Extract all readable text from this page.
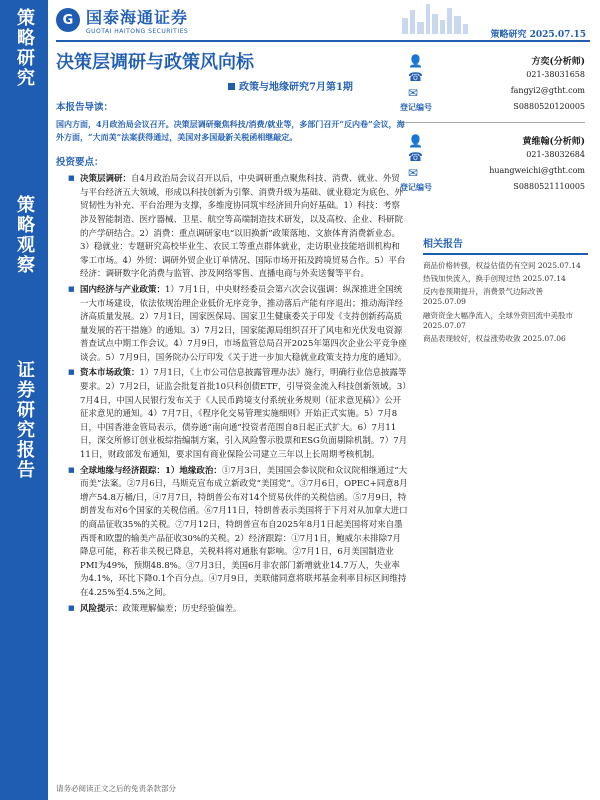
策略研究
策略观察
证券研究报告
G 国泰海通证券
GUOTAI HAITONG SECURITIES	策略研究 2025.07.15
决策层调研与政策风向标
政策与地缘研究7月第1期
👤	方奕(分析师)
☎	021-38031658
✉	fangyi2@gtht.com
登记编号	S0880520120005
👤	黄维翰(分析师)
☎	021-38032684
✉	huangweichi@gtht.com
登记编号	S0880521110005
相关报告
商品价格转强，权益估值仍有空间 2025.07.14
热钱加快流入，换手创现过热 2025.07.14
反内卷预期提升，消费景气边际改善 2025.07.09
融资资金大幅净流入，全球外资回流中美股市 2025.07.07
商品表现较好，权益涨势收敛 2025.07.06
本报告导读：
国内方面，4月政治局会议召开。决策层调研聚焦科技/消费/就业等，多部门召开“反内卷”会议，海外方面，“大而美”法案获得通过，美国对多国最新关税函相继敲定。
投资要点：
■ 决策层调研：自4月政治局会议召开以后，中央调研重点聚焦科技、消费、就业、外贸与平台经济五大领域，形成以科技创新为引擎、消费升级为基础、就业稳定为底色、外贸韧性为补充、平台治理为支撑，多维度协同筑牢经济回升向好基础。1）科技：考察涉及智能制造、医疗器械、卫星、航空等高端制造技术研发，以及高校、企业、科研院的产学研结合。2）消费：重点调研家电“以旧换新”政策落地、文旅体育消费新业态。3）稳就业：专题研究高校毕业生、农民工等重点群体就业，走访职业技能培训机构和零工市场。4）外贸：调研外贸企业订单情况、国际市场开拓及跨境贸易合作。5）平台经济：调研数字化消费与监管、涉及网络零售、直播电商与外卖送餐等平台。
■ 国内经济与产业政策：1）7月1日，中央财经委员会第六次会议强调：纵深推进全国统一大市场建设，依法依规治理企业低价无序竞争，推动落后产能有序退出；推动海洋经济高质量发展。2）7月1日，国家医保局、国家卫生健康委关于印发《支持创新药高质量发展的若干措施》的通知。3）7月2日，国家能源局组织召开了风电和光伏发电资源普查试点中期工作会议。4）7月9日，市场监管总局召开2025年第四次企业公平竞争座谈会。5）7月9日，国务院办公厅印发《关于进一步加大稳就业政策支持力度的通知》。
■ 资本市场政策：1）7月1日，《上市公司信息披露管理办法》施行，明确行业信息披露等要求。2）7月2日，证监会批复首批10只科创债ETF，引导资金流入科技创新领域。3）7月4日，中国人民银行发布关于《人民币跨境支付系统业务规则（征求意见稿）》公开征求意见的通知。4）7月7日，《程序化交易管理实施细则》开始正式实施。5）7月8日，中国香港金管局表示，债券通“南向通”投资者范围自8日起正式扩大。6）7月11日，深交所修订创业板综指编制方案，引入风险警示股票和ESG负面剔除机制。7）7月11日，财政部发布通知，要求国有商业保险公司建立三年以上长周期考核机制。
■ 全球地缘与经济跟踪：1）地缘政治：①7月3日，美国国会参议院和众议院相继通过“大而美”法案。②7月6日，马斯克宣布成立新政党“美国党”。③7月6日，OPEC+同意8月增产54.8万桶/日，④7月7日，特朗普公布对14个贸易伙伴的关税信函。⑤7月9日，特朗普发布对6个国家的关税信函。⑥7月11日，特朗普表示美国将于下月对从加拿大进口的商品征收35%的关税。⑦7月12日，特朗普宣布自2025年8月1日起美国将对来自墨西哥和欧盟的输美产品征收30%的关税。2）经济跟踪：①7月1日，鲍威尔未排除7月降息可能，称若非关税已降息，关税料将对通胀有影响。②7月1日，6月美国制造业PMI为49%，预期48.8%。③7月3日，美国6月非农部门新增就业14.7万人，失业率为4.1%，环比下降0.1个百分点。④7月9日，美联储同意将联邦基金利率目标区间维持在4.25%至4.5%之间。
■ 风险提示：政策理解偏差；历史经验偏差。
请务必阅读正文之后的免责条款部分
